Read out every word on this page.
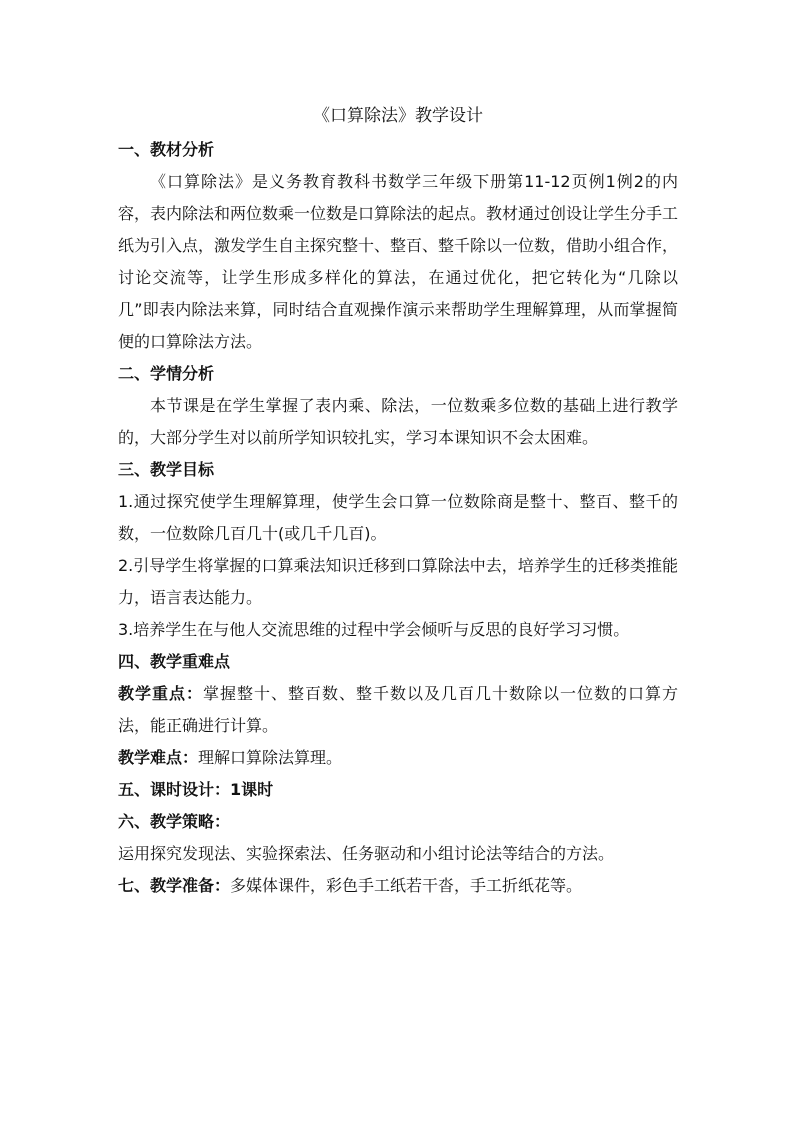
《口算除法》教学设计
一、教材分析

《口算除法》是义务教育教科书数学三年级下册第11-12页例1例2的内容，表内除法和两位数乘一位数是口算除法的起点。教材通过创设让学生分手工纸为引入点，激发学生自主探究整十、整百、整千除以一位数，借助小组合作，讨论交流等，让学生形成多样化的算法，在通过优化，把它转化为“几除以几”即表内除法来算，同时结合直观操作演示来帮助学生理解算理，从而掌握简便的口算除法方法。

二、学情分析

本节课是在学生掌握了表内乘、除法，一位数乘多位数的基础上进行教学的，大部分学生对以前所学知识较扎实，学习本课知识不会太困难。

三、教学目标

1.通过探究使学生理解算理，使学生会口算一位数除商是整十、整百、整千的数，一位数除几百几十(或几千几百)。

2.引导学生将掌握的口算乘法知识迁移到口算除法中去，培养学生的迁移类推能力，语言表达能力。

3.培养学生在与他人交流思维的过程中学会倾听与反思的良好学习习惯。

四、教学重难点

教学重点：掌握整十、整百数、整千数以及几百几十数除以一位数的口算方法，能正确进行计算。

教学难点：理解口算除法算理。

五、课时设计：1课时
六、教学策略：

运用探究发现法、实验探索法、任务驱动和小组讨论法等结合的方法。

七、教学准备：多媒体课件，彩色手工纸若干沓，手工折纸花等。
